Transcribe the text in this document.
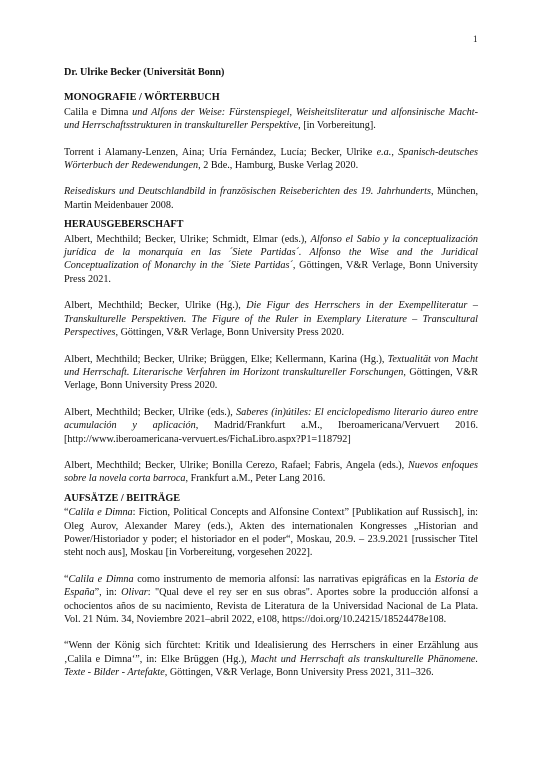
1
Dr. Ulrike Becker (Universität Bonn)
MONOGRAFIE / WÖRTERBUCH

Calila e Dimna und Alfons der Weise: Fürstenspiegel, Weisheitsliteratur und alfonsinische Macht- und Herrschaftsstrukturen in transkultureller Perspektive, [in Vorbereitung].

Torrent i Alamany-Lenzen, Aina; Uría Fernández, Lucía; Becker, Ulrike e.a., Spanisch-deutsches Wörterbuch der Redewendungen, 2 Bde., Hamburg, Buske Verlag 2020.

Reisediskurs und Deutschlandbild in französischen Reiseberichten des 19. Jahrhunderts, München, Martin Meidenbauer 2008.

HERAUSGEBERSCHAFT

Albert, Mechthild; Becker, Ulrike; Schmidt, Elmar (eds.), Alfonso el Sabio y la conceptualización jurídica de la monarquía en las ´Siete Partidas´. Alfonso the Wise and the Juridical Conceptualization of Monarchy in the ´Siete Partidas´, Göttingen, V&R Verlage, Bonn University Press 2021.

Albert, Mechthild; Becker, Ulrike (Hg.), Die Figur des Herrschers in der Exempelliteratur – Transkulturelle Perspektiven. The Figure of the Ruler in Exemplary Literature – Transcultural Perspectives, Göttingen, V&R Verlage, Bonn University Press 2020.

Albert, Mechthild; Becker, Ulrike; Brüggen, Elke; Kellermann, Karina (Hg.), Textualität von Macht und Herrschaft. Literarische Verfahren im Horizont transkultureller Forschungen, Göttingen, V&R Verlage, Bonn University Press 2020.

Albert, Mechthild; Becker, Ulrike (eds.), Saberes (in)útiles: El enciclopedismo literario áureo entre acumulación y aplicación, Madrid/Frankfurt a.M., Iberoamericana/Vervuert 2016. [http://www.iberoamericana-vervuert.es/FichaLibro.aspx?P1=118792]

Albert, Mechthild; Becker, Ulrike; Bonilla Cerezo, Rafael; Fabris, Angela (eds.), Nuevos enfoques sobre la novela corta barroca, Frankfurt a.M., Peter Lang 2016.

AUFSÄTZE / BEITRÄGE

“Calila e Dimna: Fiction, Political Concepts and Alfonsine Context” [Publikation auf Russisch], in: Oleg Aurov, Alexander Marey (eds.), Akten des internationalen Kongresses „Historian and Power/Historiador y poder; el historiador en el poder“, Moskau, 20.9. – 23.9.2021 [russischer Titel steht noch aus], Moskau [in Vorbereitung, vorgesehen 2022].

“Calila e Dimna como instrumento de memoria alfonsí: las narrativas epigráficas en la Estoria de España”, in: Olivar: "Qual deve el rey ser en sus obras". Aportes sobre la producción alfonsí a ochocientos años de su nacimiento, Revista de Literatura de la Universidad Nacional de La Plata. Vol. 21 Núm. 34, Noviembre 2021–abril 2022, e108, https://doi.org/10.24215/18524478e108.

“Wenn der König sich fürchtet: Kritik und Idealisierung des Herrschers in einer Erzählung aus ‚Calila e Dimna‘”, in: Elke Brüggen (Hg.), Macht und Herrschaft als transkulturelle Phänomene. Texte - Bilder - Artefakte, Göttingen, V&R Verlage, Bonn University Press 2021, 311–326.
